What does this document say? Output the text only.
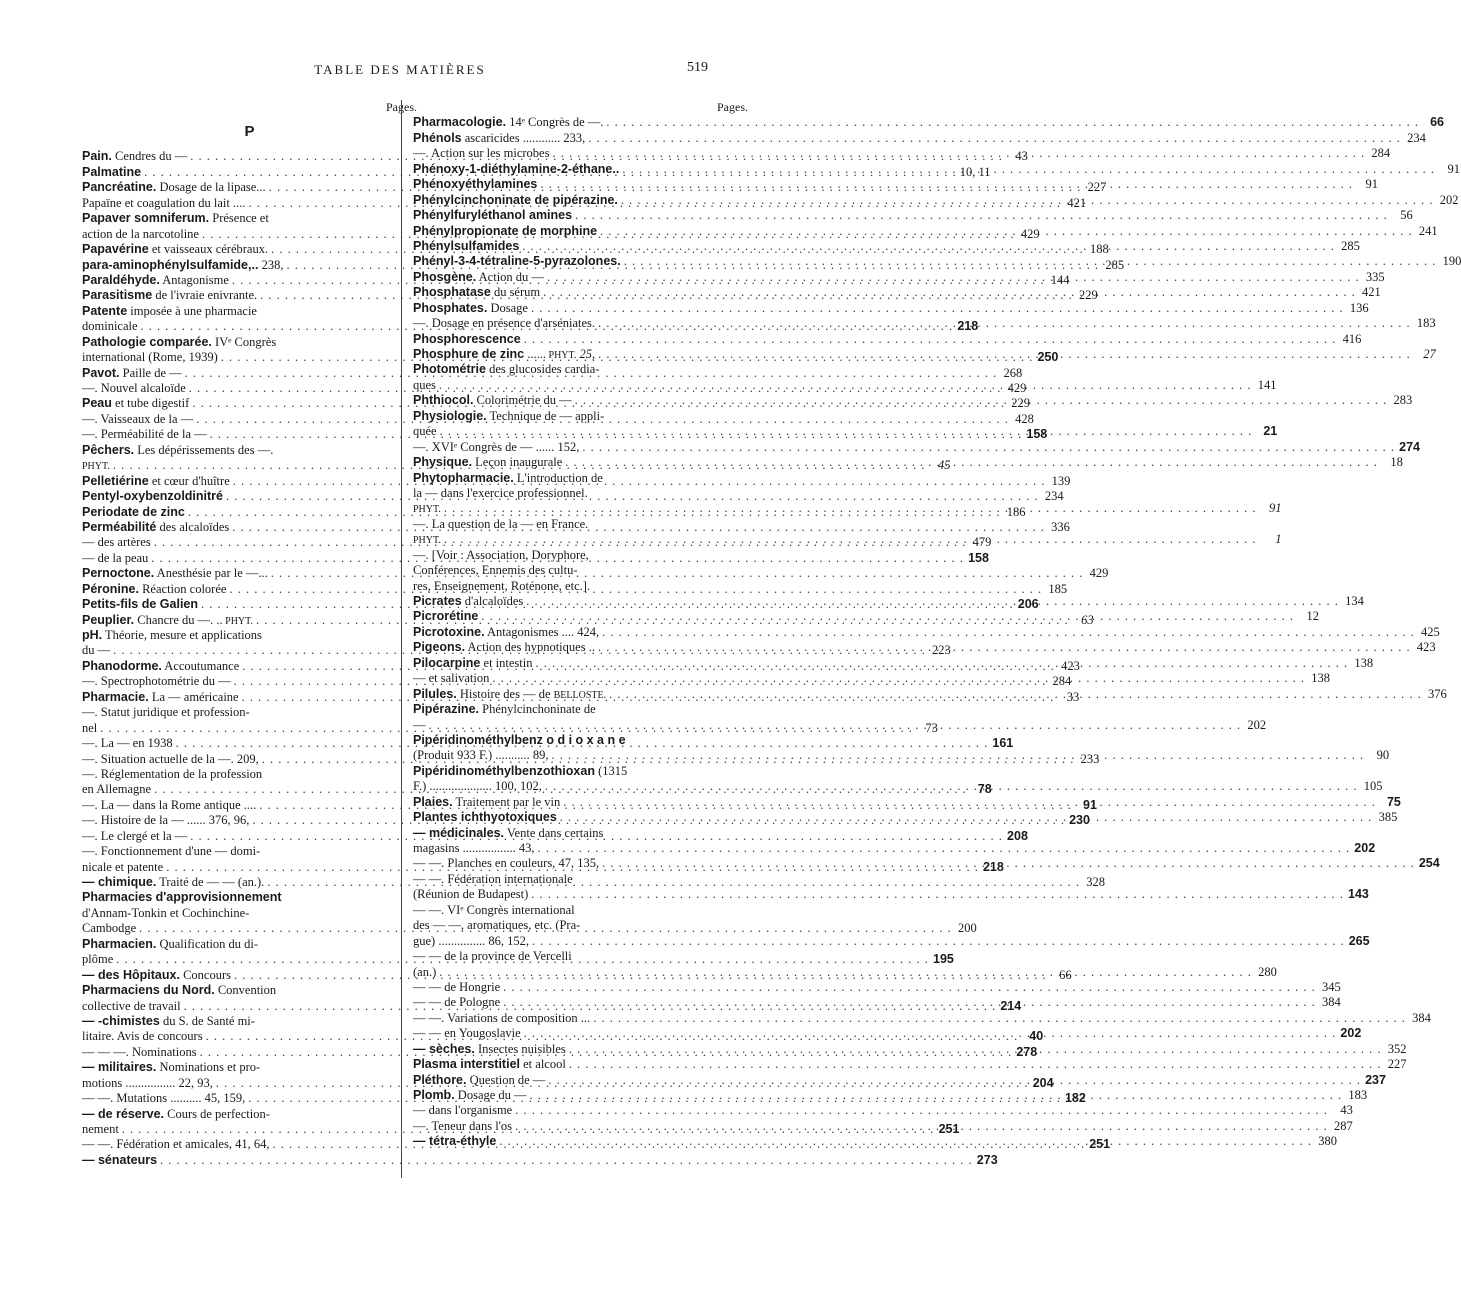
TABLE DES MATIÈRES	519
Pages.
P
Pain. Cendres du — . . .	43
Palmatine . . .	10, 11
Pancréatine. Dosage de la lipase... . . .	227
Papaïne et coagulation du lait .... . . .	421
Papaver somniferum. Présence et
action de la narcotoline . . .	429
Papavérine et vaisseaux cérébraux. . . .	188
para-aminophénylsulfamide,.. 238, . . .	285
Paraldéhyde. Antagonisme . . .	144
Parasitisme de l'ivraie enivrante. . . .	229
Patente imposée à une pharmacie
dominicale . . .	218
Pathologie comparée. IVᵉ Congrès
international (Rome, 1939) . . .	250
Pavot. Paille de — . . .	268
—. Nouvel alcaloïde . . .	429
Peau et tube digestif . . .	229
—. Vaisseaux de la — . . .	428
—. Perméabilité de la — . . .	158
Pêchers. Les dépérissements des —.
PHYT. . . .	45
Pelletiérine et cœur d'huître . . .	139
Pentyl-oxybenzoldinitré . . .	234
Periodate de zinc . . .	186
Perméabilité des alcaloïdes . . .	336
— des artères . . .	479
— de la peau . . .	158
Pernoctone. Anesthésie par le —... . . .	429
Péronine. Réaction colorée . . .	185
Petits-fils de Galien . . .	206
Peuplier. Chancre du —. .. PHYT. . . .	63
pH. Théorie, mesure et applications
du — . . .	223
Phanodorme. Accoutumance . . .	423
—. Spectrophotométrie du — . . .	284
Pharmacie. La — américaine . . .	33
—. Statut juridique et profession-
nel . . .	73
—. La — en 1938 . . .	161
—. Situation actuelle de la —. 209, . . .	233
—. Réglementation de la profession
en Allemagne . . .	78
—. La — dans la Rome antique .... . . .	91
—. Histoire de la — ...... 376, 96, . . .	230
—. Le clergé et la — . . .	208
—. Fonctionnement d'une — domi-
nicale et patente . . .	218
— chimique. Traité de — — (an.). . . .	328
Pharmacies d'approvisionnement
d'Annam-Tonkin et Cochinchine-
Cambodge . . .	200
Pharmacien. Qualification du di-
plôme . . .	195
— des Hôpitaux. Concours . . .	66
Pharmaciens du Nord. Convention
collective de travail . . .	214
— -chimistes du S. de Santé mi-
litaire. Avis de concours . . .	40
— — —. Nominations . . .	278
— militaires. Nominations et pro-
motions ................ 22, 93, . . .	204
— —. Mutations .......... 45, 159, . . .	182
— de réserve. Cours de perfection-
nement . . .	251
— —. Fédération et amicales, 41, 64, . . .	251
— sénateurs . . .	273
Pages.
Pharmacologie. 14ᵉ Congrès de —. . . .	66
Phénols ascaricides ............ 233, . . .	234
—. Action sur les microbes . . .	284
Phénoxy-1-diéthylamine-2-éthane.. . . .	91
Phénoxyéthylamines . . .	91
Phénylcinchoninate de pipérazine. . . .	202
Phénylfuryléthanol amines . . .	56
Phénylpropionate de morphine . . .	241
Phénylsulfamides . . .	285
Phényl-3-4-tétraline-5-pyrazolones. . . .	190
Phosgène. Action du — . . .	335
Phosphatase du sérum . . .	421
Phosphates. Dosage . . .	136
—. Dosage en présence d'arséniates. . . .	183
Phosphorescence . . .	416
Phosphure de zinc ...... PHYT. 25, . . .	27
Photométrie des glucosides cardia-
ques . . .	141
Phthiocol. Colorimétrie du — . . .	283
Physiologie. Technique de — appli-
quée . . .	21
—. XVIᵉ Congrès de — ...... 152, . . .	274
Physique. Leçon inaugurale . . .	18
Phytopharmacie. L'introduction de
la — dans l'exercice professionnel.
PHYT. . . .	91
—. La question de la — en France.
PHYT. . . .	1
—. [Voir : Association, Doryphore,
Conférences, Ennemis des cultu-
res, Enseignement, Roténone, etc.].
Picrates d'alcaloïdes . . .	134
Picrorétine . . .	12
Picrotoxine. Antagonismes .... 424, . . .	425
Pigeons. Action des hypnotiques .. . . .	423
Pilocarpine et intestin . . .	138
— et salivation . . .	138
Pilules. Histoire des — de BELLOSTE. . . .	376
Pipérazine. Phénylcinchoninate de
— . . .	202
Pipéridinométhylbenz o d i o x a n e
(Produit 933 F.) ........... 89, . . .	90
Pipéridinométhylbenzothioxan (1315
F.) .................... 100, 102, . . .	105
Plaies. Traitement par le vin . . .	75
Plantes ichthyotoxiques . . .	385
— médicinales. Vente dans certains
magasins ................. 43, . . .	202
— —. Planches en couleurs, 47, 135, . . .	254
— —. Fédération internationale
(Réunion de Budapest) . . .	143
— —. VIᵉ Congrès international
des — —, aromatiques, etc. (Pra-
gue) ............... 86, 152, . . .	265
— — de la province de Vercelli
(an.) . . .	280
— — de Hongrie . . .	345
— — de Pologne . . .	384
— —. Variations de composition ... . . .	384
— — en Yougoslavie . . .	202
— sèches. Insectes nuisibles . . .	352
Plasma interstitiel et alcool . . .	227
Pléthore. Question de — . . .	237
Plomb. Dosage du — . . .	183
— dans l'organisme . . .	43
—. Teneur dans l'os . . .	287
— tétra-éthyle . . .	380
